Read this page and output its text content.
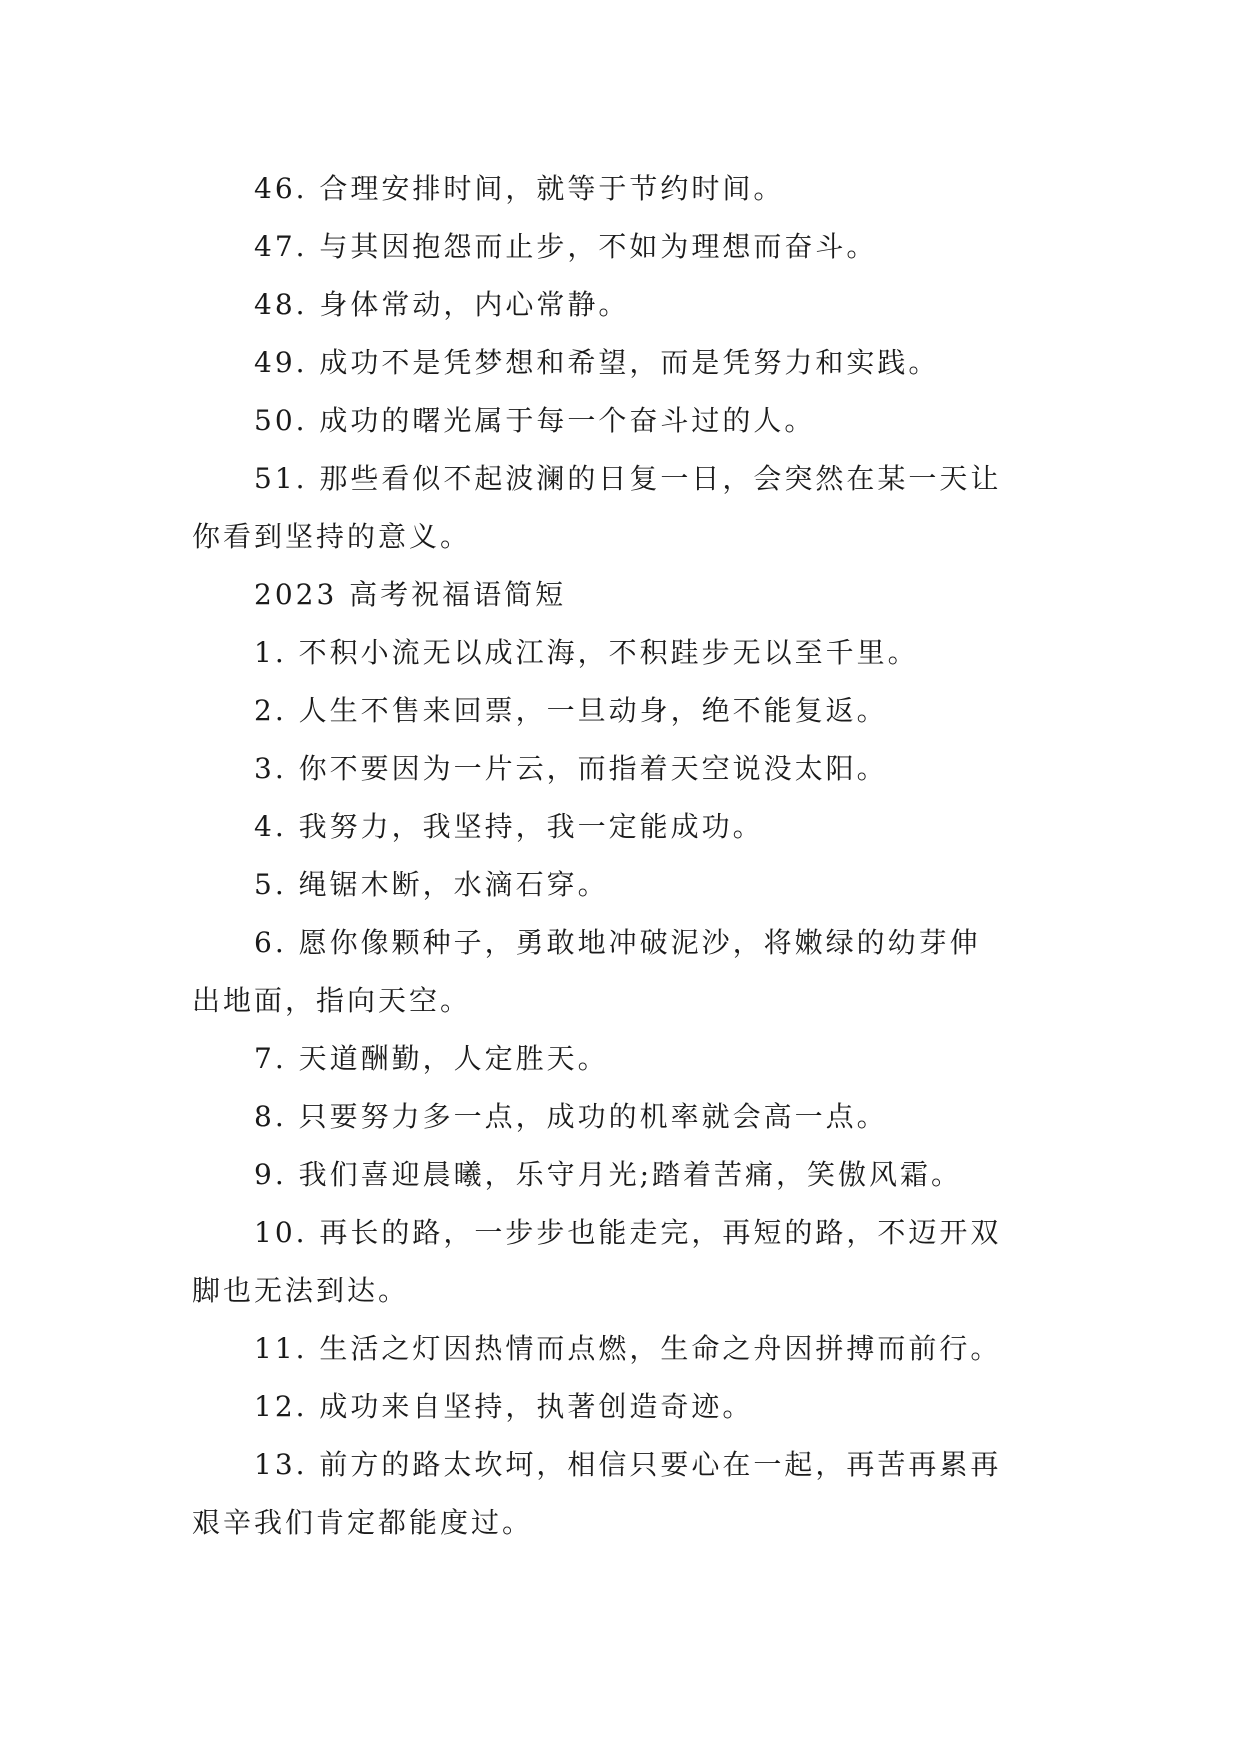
46. 合理安排时间，就等于节约时间。
47. 与其因抱怨而止步，不如为理想而奋斗。
48. 身体常动，内心常静。
49. 成功不是凭梦想和希望，而是凭努力和实践。
50. 成功的曙光属于每一个奋斗过的人。
51. 那些看似不起波澜的日复一日，会突然在某一天让
你看到坚持的意义。
2023 高考祝福语简短
1. 不积小流无以成江海，不积跬步无以至千里。
2. 人生不售来回票，一旦动身，绝不能复返。
3. 你不要因为一片云，而指着天空说没太阳。
4. 我努力，我坚持，我一定能成功。
5. 绳锯木断，水滴石穿。
6. 愿你像颗种子，勇敢地冲破泥沙，将嫩绿的幼芽伸
出地面，指向天空。
7. 天道酬勤，人定胜天。
8. 只要努力多一点，成功的机率就会高一点。
9. 我们喜迎晨曦，乐守月光;踏着苦痛，笑傲风霜。
10. 再长的路，一步步也能走完，再短的路，不迈开双
脚也无法到达。
11. 生活之灯因热情而点燃，生命之舟因拼搏而前行。
12. 成功来自坚持，执著创造奇迹。
13. 前方的路太坎坷，相信只要心在一起，再苦再累再
艰辛我们肯定都能度过。
